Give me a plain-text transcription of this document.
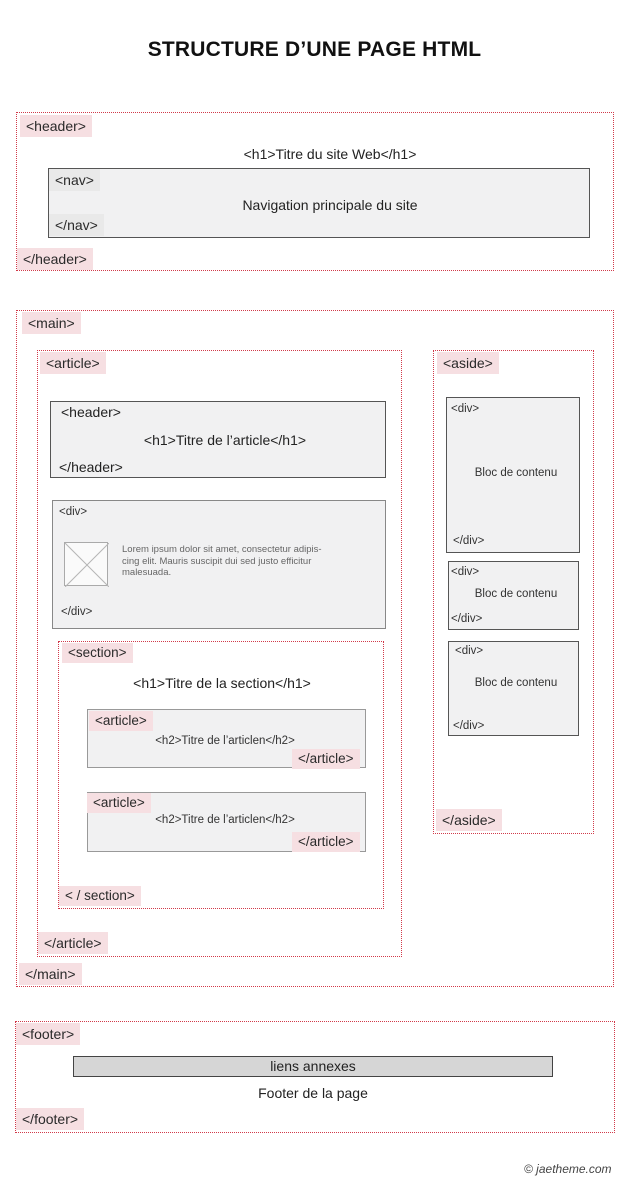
STRUCTURE D’UNE PAGE HTML
<header>
<h1>Titre du site Web</h1>
<nav>
Navigation principale du site
</nav>
</header>
<main>
</main>
<article>
</article>
<header>
<h1>Titre de l’article</h1>
</header>
<div>
Lorem ipsum dolor sit amet, consectetur adipis-cing elit. Mauris suscipit dui sed justo efficitur malesuada.
</div>
<section>
<h1>Titre de la section</h1>
<article>
<h2>Titre de l’articlen</h2>
</article>
<article>
<h2>Titre de l’articlen</h2>
</article>
< / section>
<aside>
<div>
Bloc de contenu
</div>
<div>
Bloc de contenu
</div>
<div>
Bloc de contenu
</div>
</aside>
<footer>
liens annexes
Footer de la page
</footer>
© jaetheme.com
